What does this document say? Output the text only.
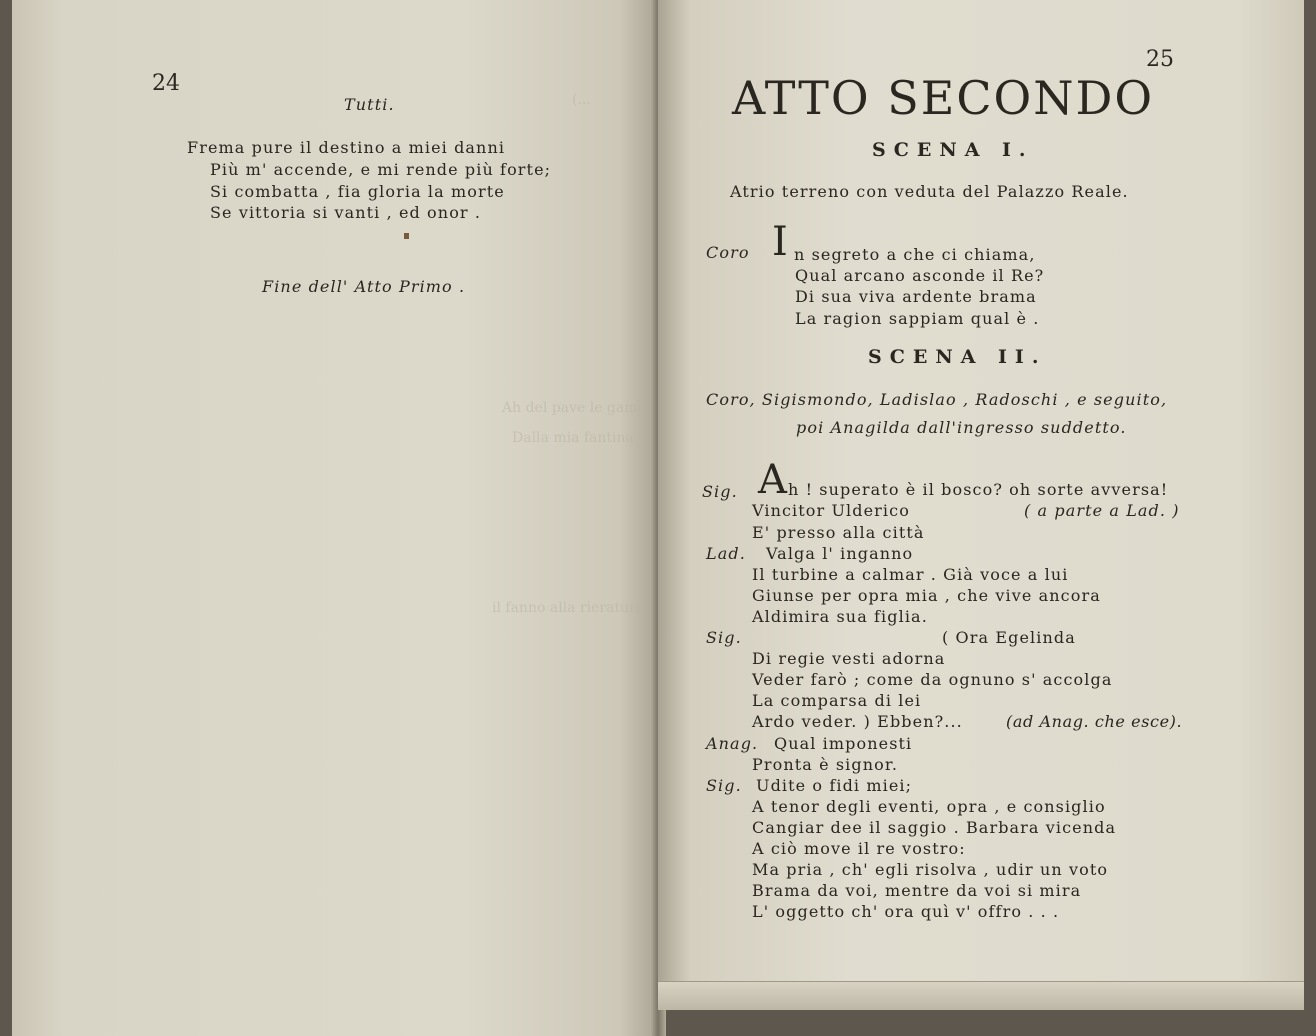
(...
Ah del pave le gamo
Dalla mia fantina
il fanno alla rieratura
24
Tutti.
Frema pure il destino a miei danni
Più m' accende, e mi rende più forte;
Si combatta , fia gloria la morte
Se vittoria si vanti , ed onor .
Fine dell' Atto Primo .
25
ATTO SECONDO
SCENA I.
Atrio terreno con veduta del Palazzo Reale.
Coro I n segreto a che ci chiama,
Qual arcano asconde il Re?
Di sua viva ardente brama
La ragion sappiam qual è .
SCENA II.
Coro, Sigismondo, Ladislao , Radoschi , e seguito,
poi Anagilda dall'ingresso suddetto.
Sig. A h ! superato è il bosco? oh sorte avversa!
Vincitor Ulderico	( a parte a Lad. )
E' presso alla città
Lad. Valga l' inganno
Il turbine a calmar . Già voce a lui
Giunse per opra mia , che vive ancora
Aldimira sua figlia.
Sig.	( Ora Egelinda
Di regie vesti adorna
Veder farò ; come da ognuno s' accolga
La comparsa di lei
Ardo veder. ) Ebben?...	(ad Anag. che esce).
Anag. Qual imponesti
Pronta è signor.
Sig. Udite o fidi miei;
A tenor degli eventi, opra , e consiglio
Cangiar dee il saggio . Barbara vicenda
A ciò move il re vostro:
Ma pria , ch' egli risolva , udir un voto
Brama da voi, mentre da voi si mira
L' oggetto ch' ora quì v' offro . . .
